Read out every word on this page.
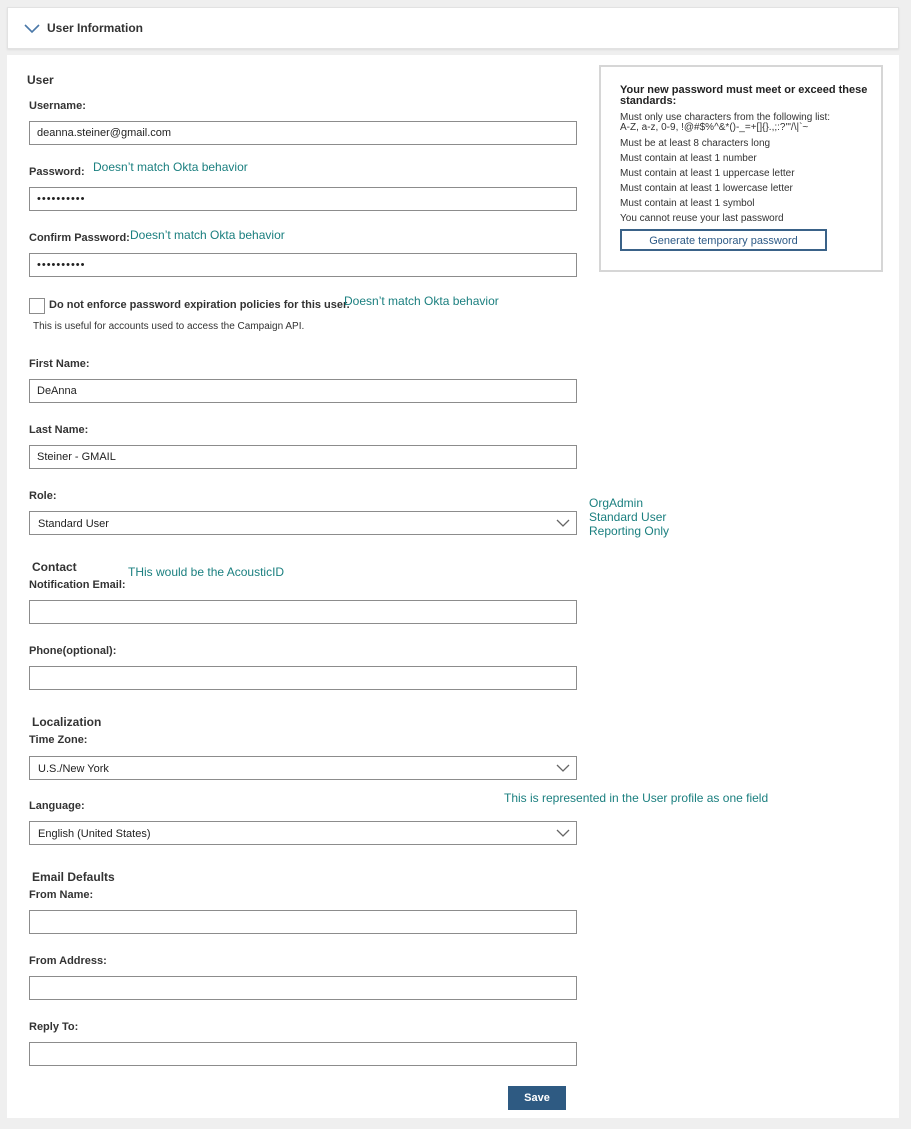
User Information
User
Username:
deanna.steiner@gmail.com
Password: Doesn’t match Okta behavior
••••••••••
Confirm Password: Doesn’t match Okta behavior
••••••••••
Do not enforce password expiration policies for this user.
Doesn’t match Okta behavior
This is useful for accounts used to access the Campaign API.
First Name:
DeAnna
Last Name:
Steiner - GMAIL
Role:
Standard User
OrgAdmin
Standard User
Reporting Only
Contact	THis would be the AcousticID
Notification Email:
Phone(optional):
Localization
Time Zone:
U.S./New York
Language:
This is represented in the User profile as one field
English (United States)
Email Defaults
From Name:
From Address:
Reply To:
Save
Your new password must meet or exceed these standards:
Must only use characters from the following list:
A-Z, a-z, 0-9, !@#$%^&*()-_=+[]{}.,;:?'"/\|`~
Must be at least 8 characters long
Must contain at least 1 number
Must contain at least 1 uppercase letter
Must contain at least 1 lowercase letter
Must contain at least 1 symbol
You cannot reuse your last password
Generate temporary password
